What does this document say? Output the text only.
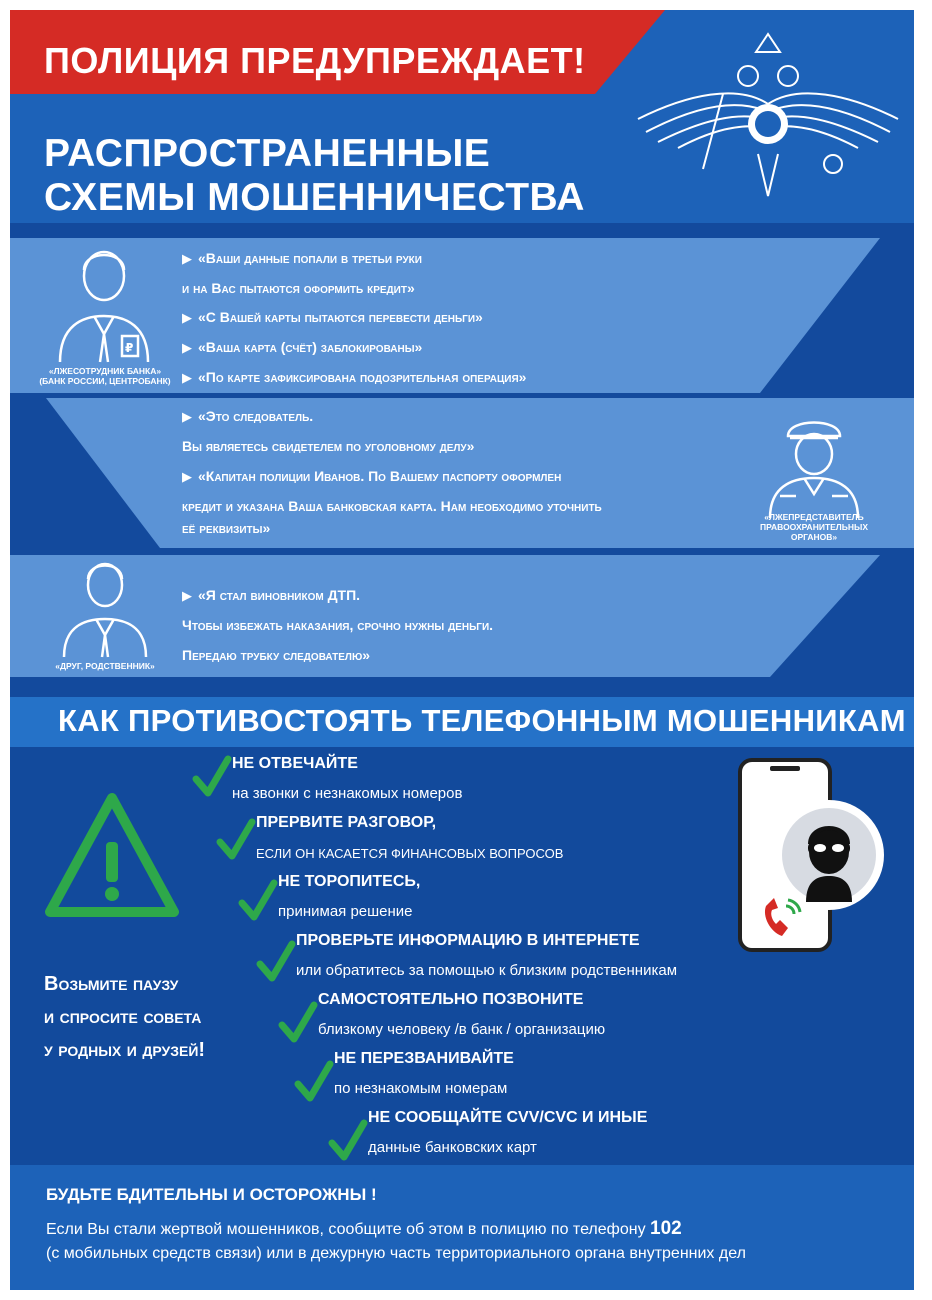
ПОЛИЦИЯ ПРЕДУПРЕЖДАЕТ!
РАСПРОСТРАНЕННЫЕ
СХЕМЫ МОШЕННИЧЕСТВА
₽
«ЛЖЕСОТРУДНИК БАНКА»
(БАНК РОССИИ, ЦЕНТРОБАНК)
▶ «Ваши данные попали в третьи руки
и на Вас пытаются оформить кредит»
▶ «С Вашей карты пытаются перевести деньги»
▶ «Ваша карта (счёт) заблокированы»
▶ «По карте зафиксирована подозрительная операция»
▶ «Это следователь.
Вы являетесь свидетелем по уголовному делу»
▶ «Капитан полиции Иванов. По Вашему паспорту оформлен
кредит и указана Ваша банковская карта. Нам необходимо уточнить
её реквизиты»
«ЛЖЕПРЕДСТАВИТЕЛЬ
ПРАВООХРАНИТЕЛЬНЫХ
ОРГАНОВ»
«ДРУГ, РОДСТВЕННИК»
▶ «Я стал виновником ДТП.
Чтобы избежать наказания, срочно нужны деньги.
Передаю трубку следователю»
КАК ПРОТИВОСТОЯТЬ ТЕЛЕФОННЫМ МОШЕННИКАМ
Возьмите паузу
и спросите совета
у родных и друзей!
НЕ ОТВЕЧАЙТЕ
на звонки с незнакомых номеров
ПРЕРВИТЕ РАЗГОВОР,
ЕСЛИ ОН КАСАЕТСЯ ФИНАНСОВЫХ ВОПРОСОВ
НЕ ТОРОПИТЕСЬ,
принимая решение
ПРОВЕРЬТЕ ИНФОРМАЦИЮ В ИНТЕРНЕТЕ
или обратитесь за помощью к близким родственникам
САМОСТОЯТЕЛЬНО ПОЗВОНИТЕ
близкому человеку /в банк / организацию
НЕ ПЕРЕЗВАНИВАЙТЕ
по незнакомым номерам
НЕ СООБЩАЙТЕ CVV/CVC И ИНЫЕ
данные банковских карт
БУДЬТЕ БДИТЕЛЬНЫ И ОСТОРОЖНЫ !
Если Вы стали жертвой мошенников, сообщите об этом в полицию по телефону 102
(с мобильных средств связи) или в дежурную часть территориального органа внутренних дел
